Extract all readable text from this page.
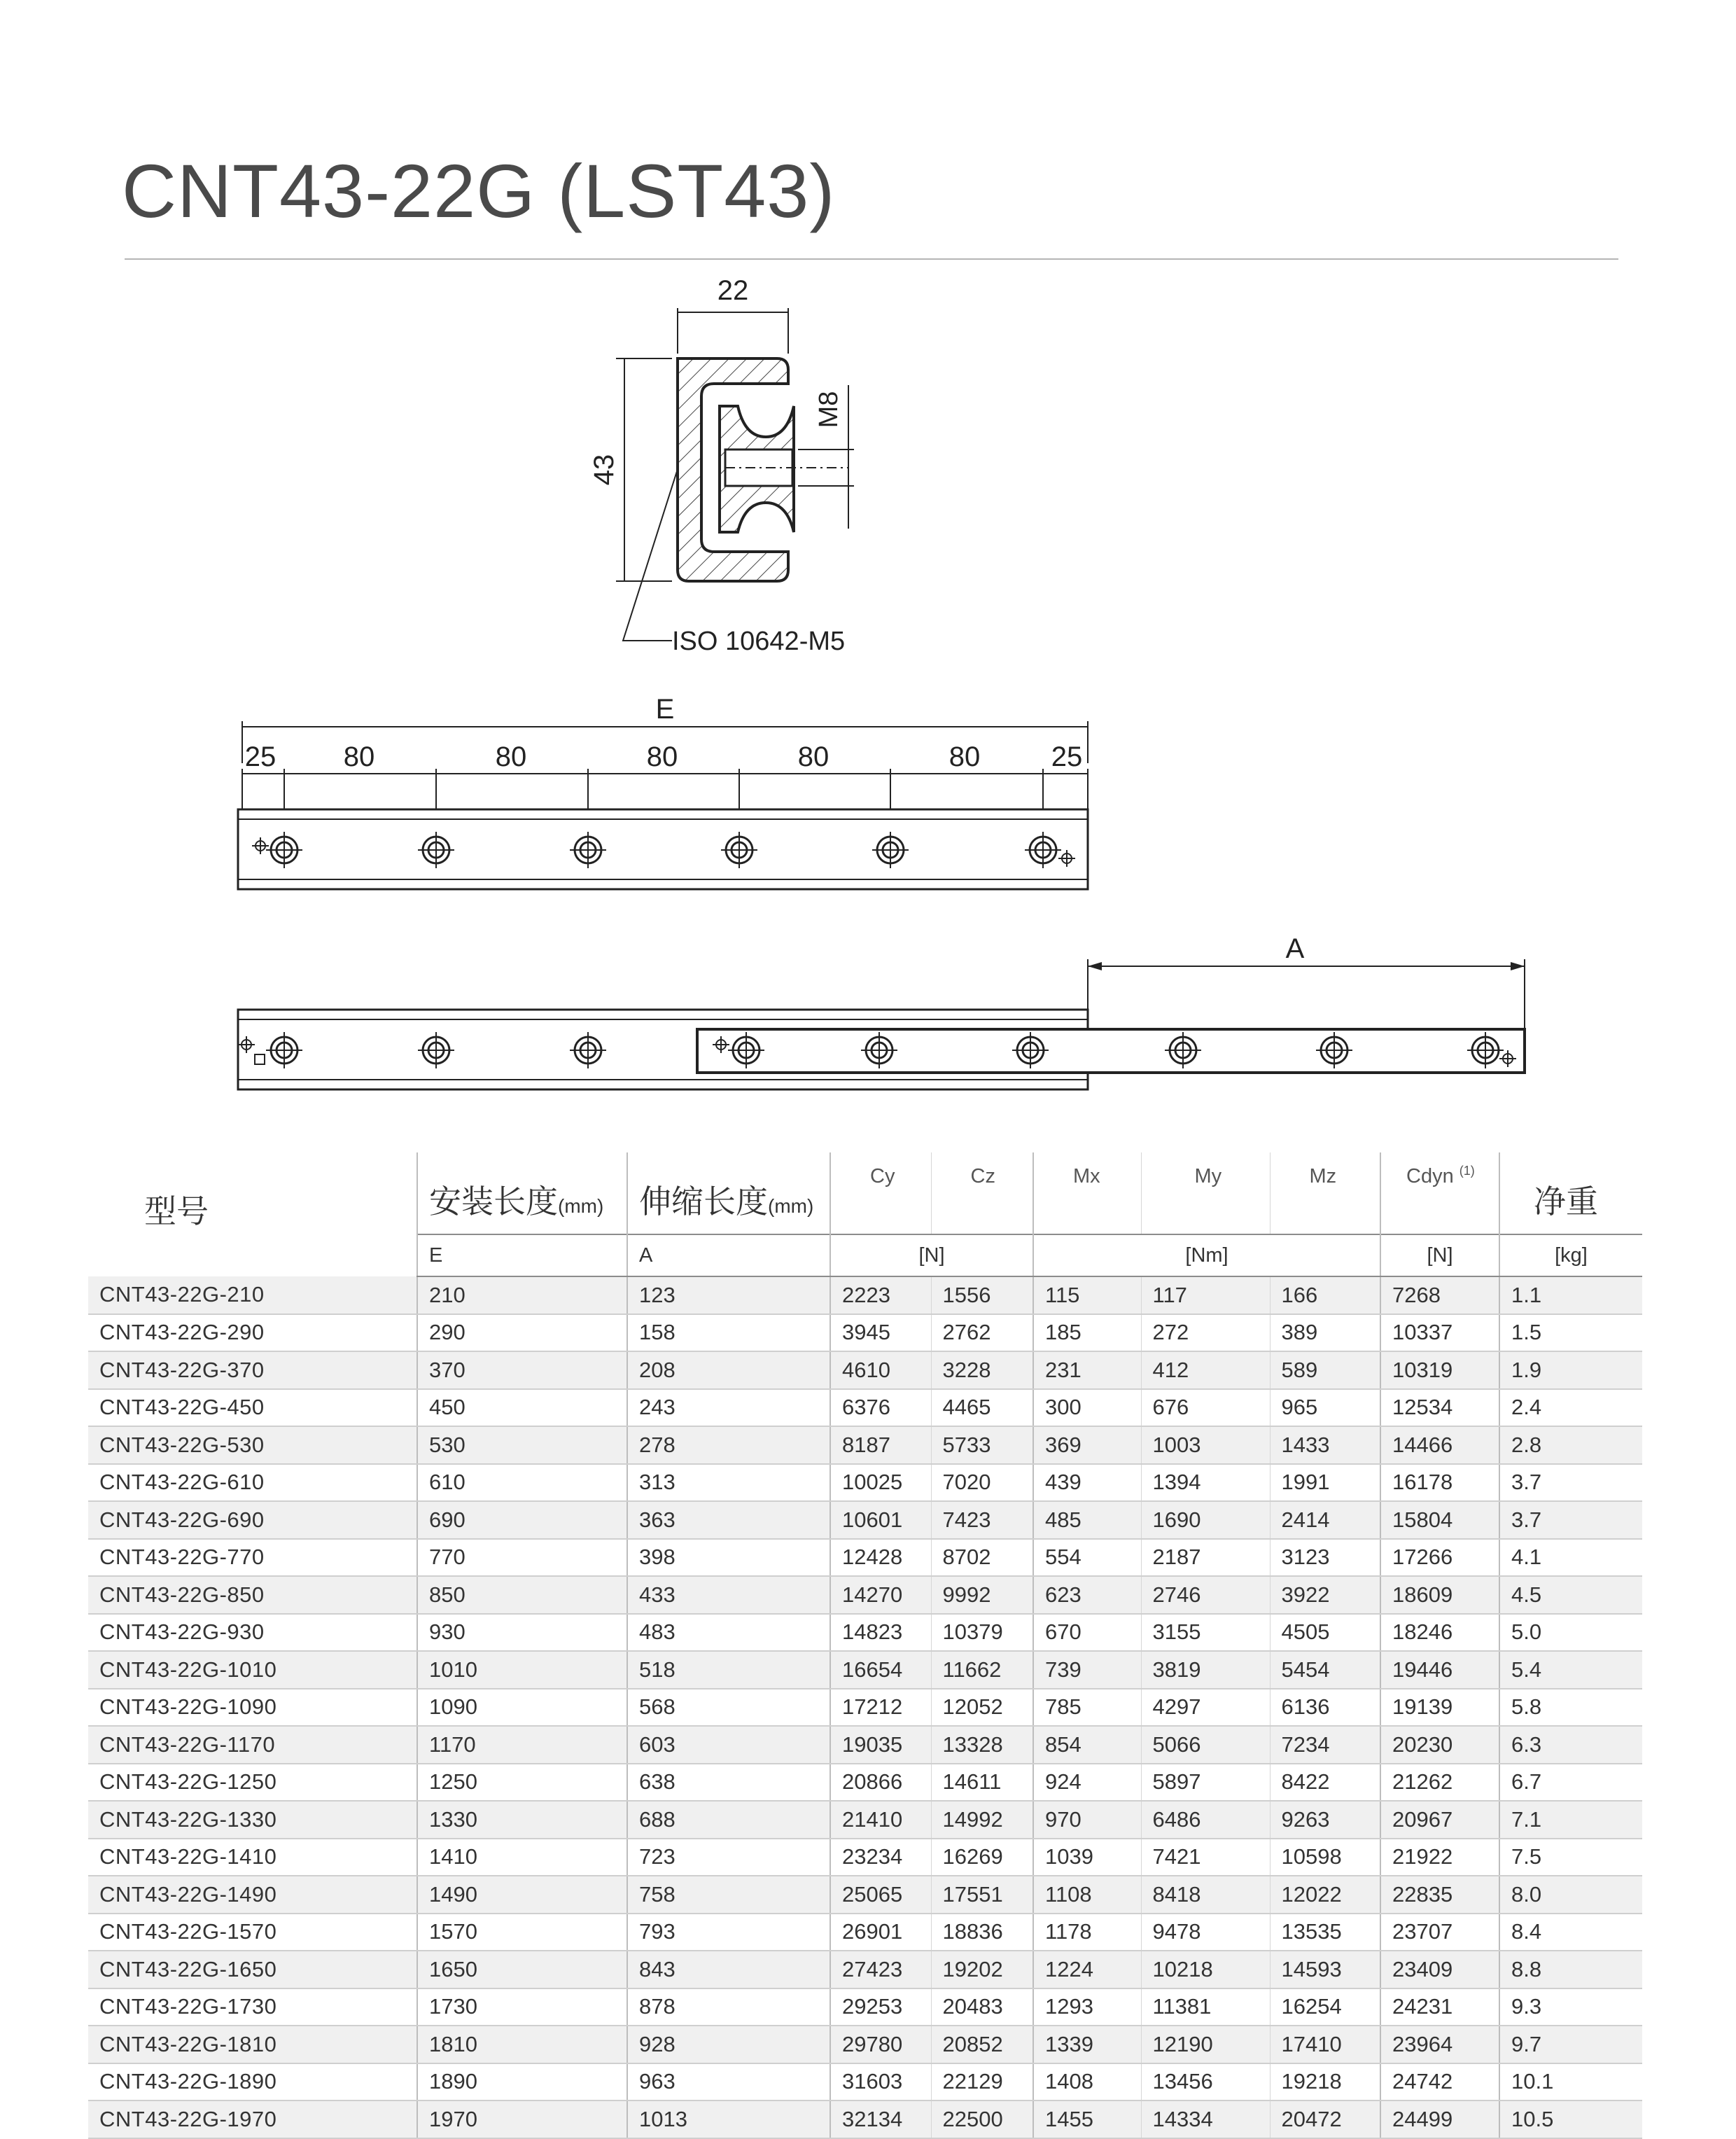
CNT43-22G (LST43)
22
43
M8
ISO 10642-M5
E
25 80	80	80	80	80	25
A
型号	安装长度(mm)	伸缩长度(mm)	Cy	Cz	Mx	My	Mz	Cdyn $^{(1)}$	净重
	E	A	[N]		[Nm]			[N]	[kg]
CNT43-22G-210	210	123	2223	1556	115	117	166	7268	1.1
CNT43-22G-290	290	158	3945	2762	185	272	389	10337	1.5
CNT43-22G-370	370	208	4610	3228	231	412	589	10319	1.9
CNT43-22G-450	450	243	6376	4465	300	676	965	12534	2.4
CNT43-22G-530	530	278	8187	5733	369	1003	1433	14466	2.8
CNT43-22G-610	610	313	10025	7020	439	1394	1991	16178	3.7
CNT43-22G-690	690	363	10601	7423	485	1690	2414	15804	3.7
CNT43-22G-770	770	398	12428	8702	554	2187	3123	17266	4.1
CNT43-22G-850	850	433	14270	9992	623	2746	3922	18609	4.5
CNT43-22G-930	930	483	14823	10379	670	3155	4505	18246	5.0
CNT43-22G-1010	1010	518	16654	11662	739	3819	5454	19446	5.4
CNT43-22G-1090	1090	568	17212	12052	785	4297	6136	19139	5.8
CNT43-22G-1170	1170	603	19035	13328	854	5066	7234	20230	6.3
CNT43-22G-1250	1250	638	20866	14611	924	5897	8422	21262	6.7
CNT43-22G-1330	1330	688	21410	14992	970	6486	9263	20967	7.1
CNT43-22G-1410	1410	723	23234	16269	1039	7421	10598	21922	7.5
CNT43-22G-1490	1490	758	25065	17551	1108	8418	12022	22835	8.0
CNT43-22G-1570	1570	793	26901	18836	1178	9478	13535	23707	8.4
CNT43-22G-1650	1650	843	27423	19202	1224	10218	14593	23409	8.8
CNT43-22G-1730	1730	878	29253	20483	1293	11381	16254	24231	9.3
CNT43-22G-1810	1810	928	29780	20852	1339	12190	17410	23964	9.7
CNT43-22G-1890	1890	963	31603	22129	1408	13456	19218	24742	10.1
CNT43-22G-1970	1970	1013	32134	22500	1455	14334	20472	24499	10.5
